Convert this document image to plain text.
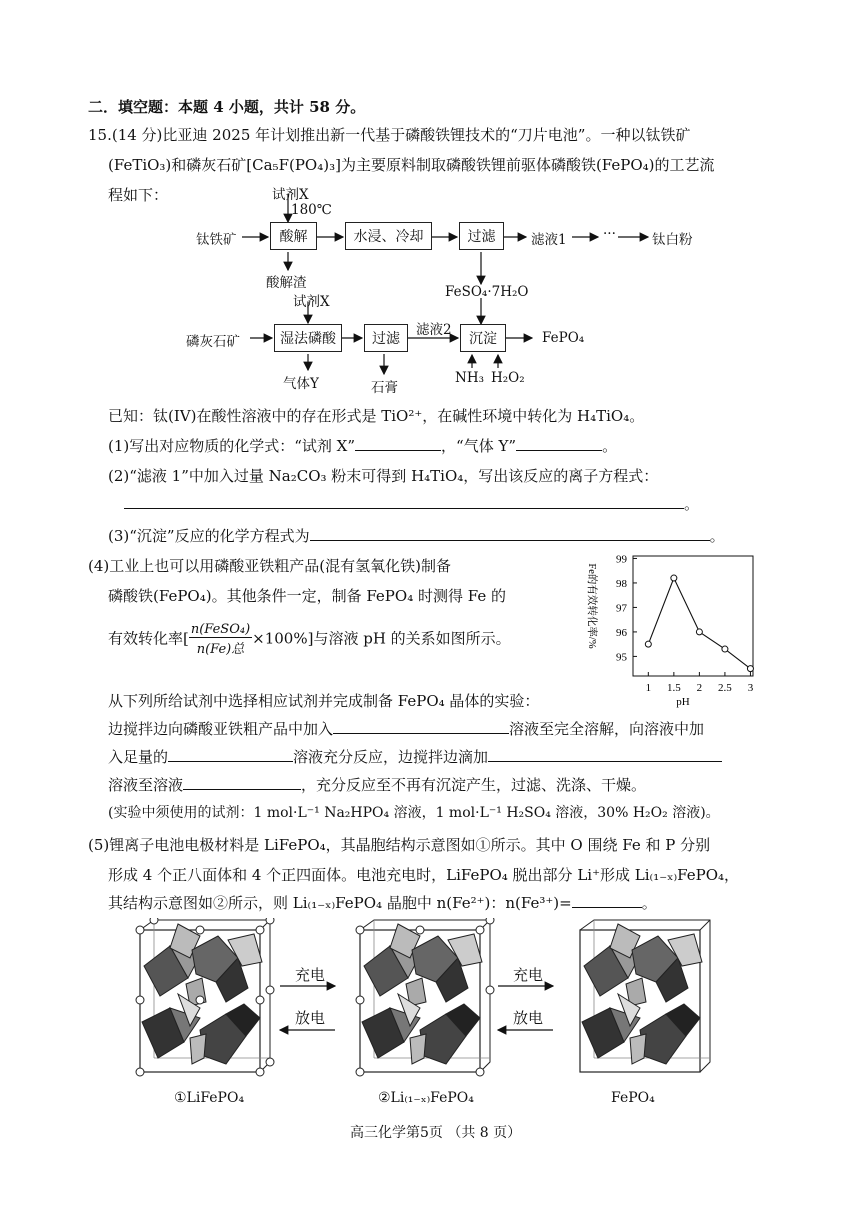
二．填空题：本题 4 小题，共计 58 分。
15.(14 分)比亚迪 2025 年计划推出新一代基于磷酸铁锂技术的“刀片电池”。一种以钛铁矿
(FeTiO₃)和磷灰石矿[Ca₅F(PO₄)₃]为主要原料制取磷酸铁锂前驱体磷酸铁(FePO₄)的工艺流
程如下：	试剂X
180℃
钛铁矿	酸解	水浸、冷却	过滤	滤液1	···	钛白粉
酸解渣
FeSO₄·7H₂O
试剂X
磷灰石矿	湿法磷酸	过滤
滤液2
沉淀	FePO₄
气体Y	石膏
NH₃ H₂O₂
已知：钛(IV)在酸性溶液中的存在形式是 TiO²⁺，在碱性环境中转化为 H₄TiO₄。
(1)写出对应物质的化学式：“试剂 X”	，“气体 Y”	。
(2)“滤液 1”中加入过量 Na₂CO₃ 粉末可得到 H₄TiO₄，写出该反应的离子方程式：
。
(3)“沉淀”反应的化学方程式为	。
(4)工业上也可以用磷酸亚铁粗产品(混有氢氧化铁)制备
磷酸铁(FePO₄)。其他条件一定，制备 FePO₄ 时测得 Fe 的
有效转化率[ n(FeSO₄)
n(Fe)总
×100%]与溶液 pH 的关系如图所示。
95
96
97
98
99
1 1.5 2 2.5 3
pH
Fe的有效转化率/%
从下列所给试剂中选择相应试剂并完成制备 FePO₄ 晶体的实验：
边搅拌边向磷酸亚铁粗产品中加入	溶液至完全溶解，向溶液中加
入足量的	溶液充分反应，边搅拌边滴加
溶液至溶液	，充分反应至不再有沉淀产生，过滤、洗涤、干燥。
(实验中须使用的试剂：1 mol·L⁻¹ Na₂HPO₄ 溶液，1 mol·L⁻¹ H₂SO₄ 溶液，30% H₂O₂ 溶液)。
(5)锂离子电池电极材料是 LiFePO₄，其晶胞结构示意图如①所示。其中 O 围绕 Fe 和 P 分别
形成 4 个正八面体和 4 个正四面体。电池充电时，LiFePO₄ 脱出部分 Li⁺形成 Li₍₁₋ₓ₎FePO₄，
其结构示意图如②所示，则 Li₍₁₋ₓ₎FePO₄ 晶胞中 n(Fe²⁺)：n(Fe³⁺)=	。
充电
放电
充电
放电
①LiFePO₄	②Li₍₁₋ₓ₎FePO₄	FePO₄
高三化学第5页 （共 8 页）
